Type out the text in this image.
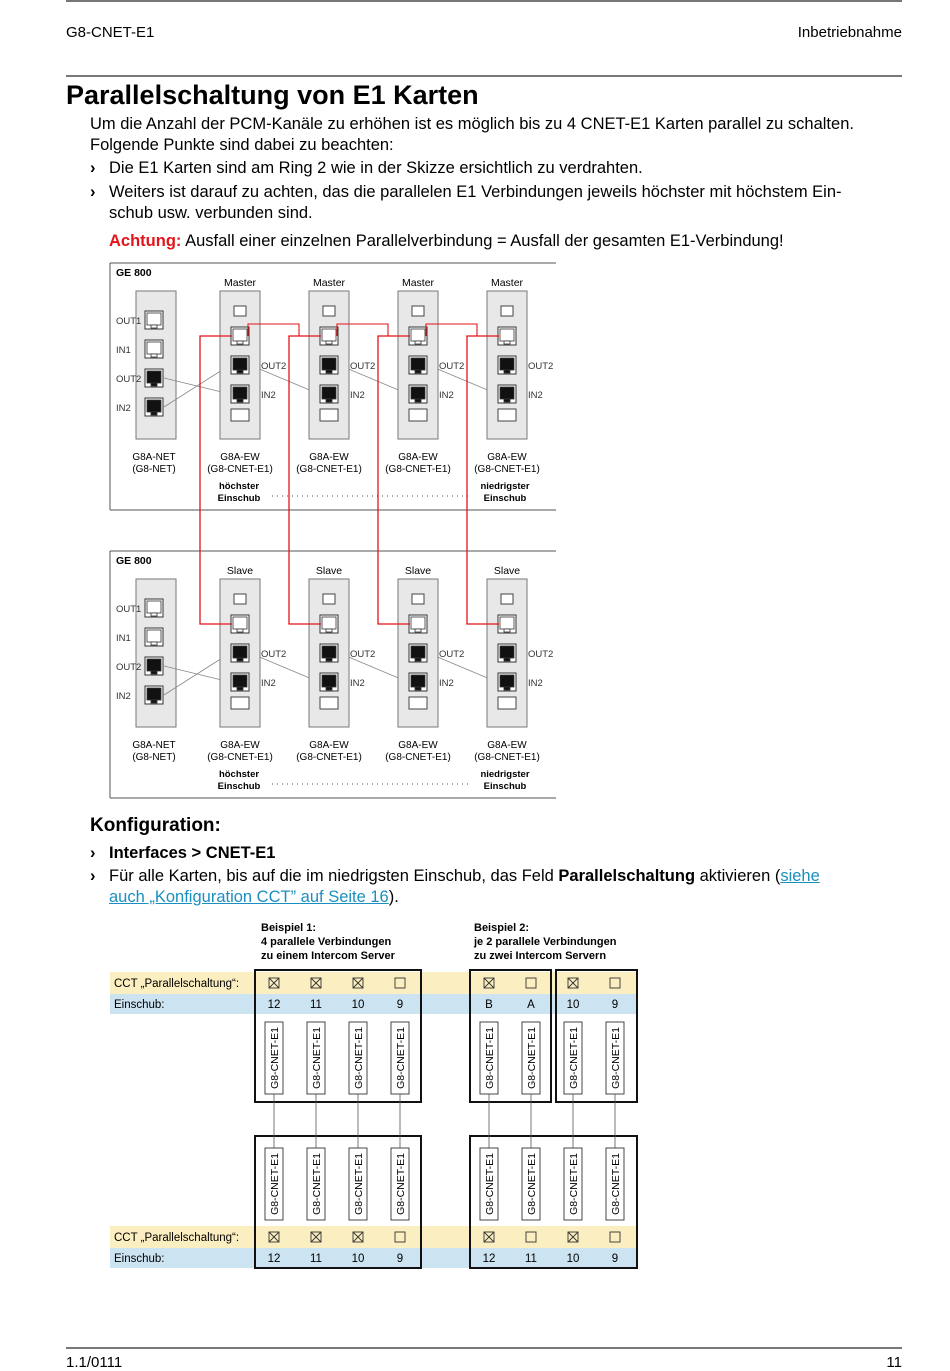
G8-CNET-E1	Inbetriebnahme
Parallelschaltung von E1 Karten
Um die Anzahl der PCM-Kanäle zu erhöhen ist es möglich bis zu 4 CNET-E1 Karten parallel zu schalten.
Folgende Punkte sind dabei zu beachten:
› Die E1 Karten sind am Ring 2 wie in der Skizze ersichtlich zu verdrahten.
› Weiters ist darauf zu achten, das die parallelen E1 Verbindungen jeweils höchster mit höchstem Ein-
schub usw. verbunden sind.
Achtung: Ausfall einer einzelnen Parallelverbindung = Ausfall der gesamten E1-Verbindung!
GE 800
OUT1
IN1
OUT2
IN2
G8A-NET
(G8-NET)
höchster
Einschub
niedrigster
Einschub
Master
OUT2
IN2
G8A-EW
(G8-CNET-E1)
Master
OUT2
IN2
G8A-EW
(G8-CNET-E1)
Master
OUT2
IN2
G8A-EW
(G8-CNET-E1)
Master
OUT2
IN2
G8A-EW
(G8-CNET-E1)
GE 800
OUT1
IN1
OUT2
IN2
G8A-NET
(G8-NET)
höchster
Einschub
niedrigster
Einschub
Slave
OUT2
IN2
G8A-EW
(G8-CNET-E1)
Slave
OUT2
IN2
G8A-EW
(G8-CNET-E1)
Slave
OUT2
IN2
G8A-EW
(G8-CNET-E1)
Slave
OUT2
IN2
G8A-EW
(G8-CNET-E1)
Konfiguration:
› Interfaces > CNET-E1
› Für alle Karten, bis auf die im niedrigsten Einschub, das Feld Parallelschaltung aktivieren (siehe
auch „Konfiguration CCT” auf Seite 16).
Beispiel 1:
4 parallele Verbindungen
zu einem Intercom Server
Beispiel 2:
je 2 parallele Verbindungen
zu zwei Intercom Servern
CCT „Parallelschaltung“:
Einschub:	12	11	10	9	B	A	10	9
CCT „Parallelschaltung“:
Einschub:	12	11	10	9	12	11	10	9
G8-CNET-E1
G8-CNET-E1
G8-CNET-E1
G8-CNET-E1
G8-CNET-E1
G8-CNET-E1
G8-CNET-E1
G8-CNET-E1
G8-CNET-E1
G8-CNET-E1
G8-CNET-E1
G8-CNET-E1
G8-CNET-E1
G8-CNET-E1
G8-CNET-E1
G8-CNET-E1
1.1/0111	11
